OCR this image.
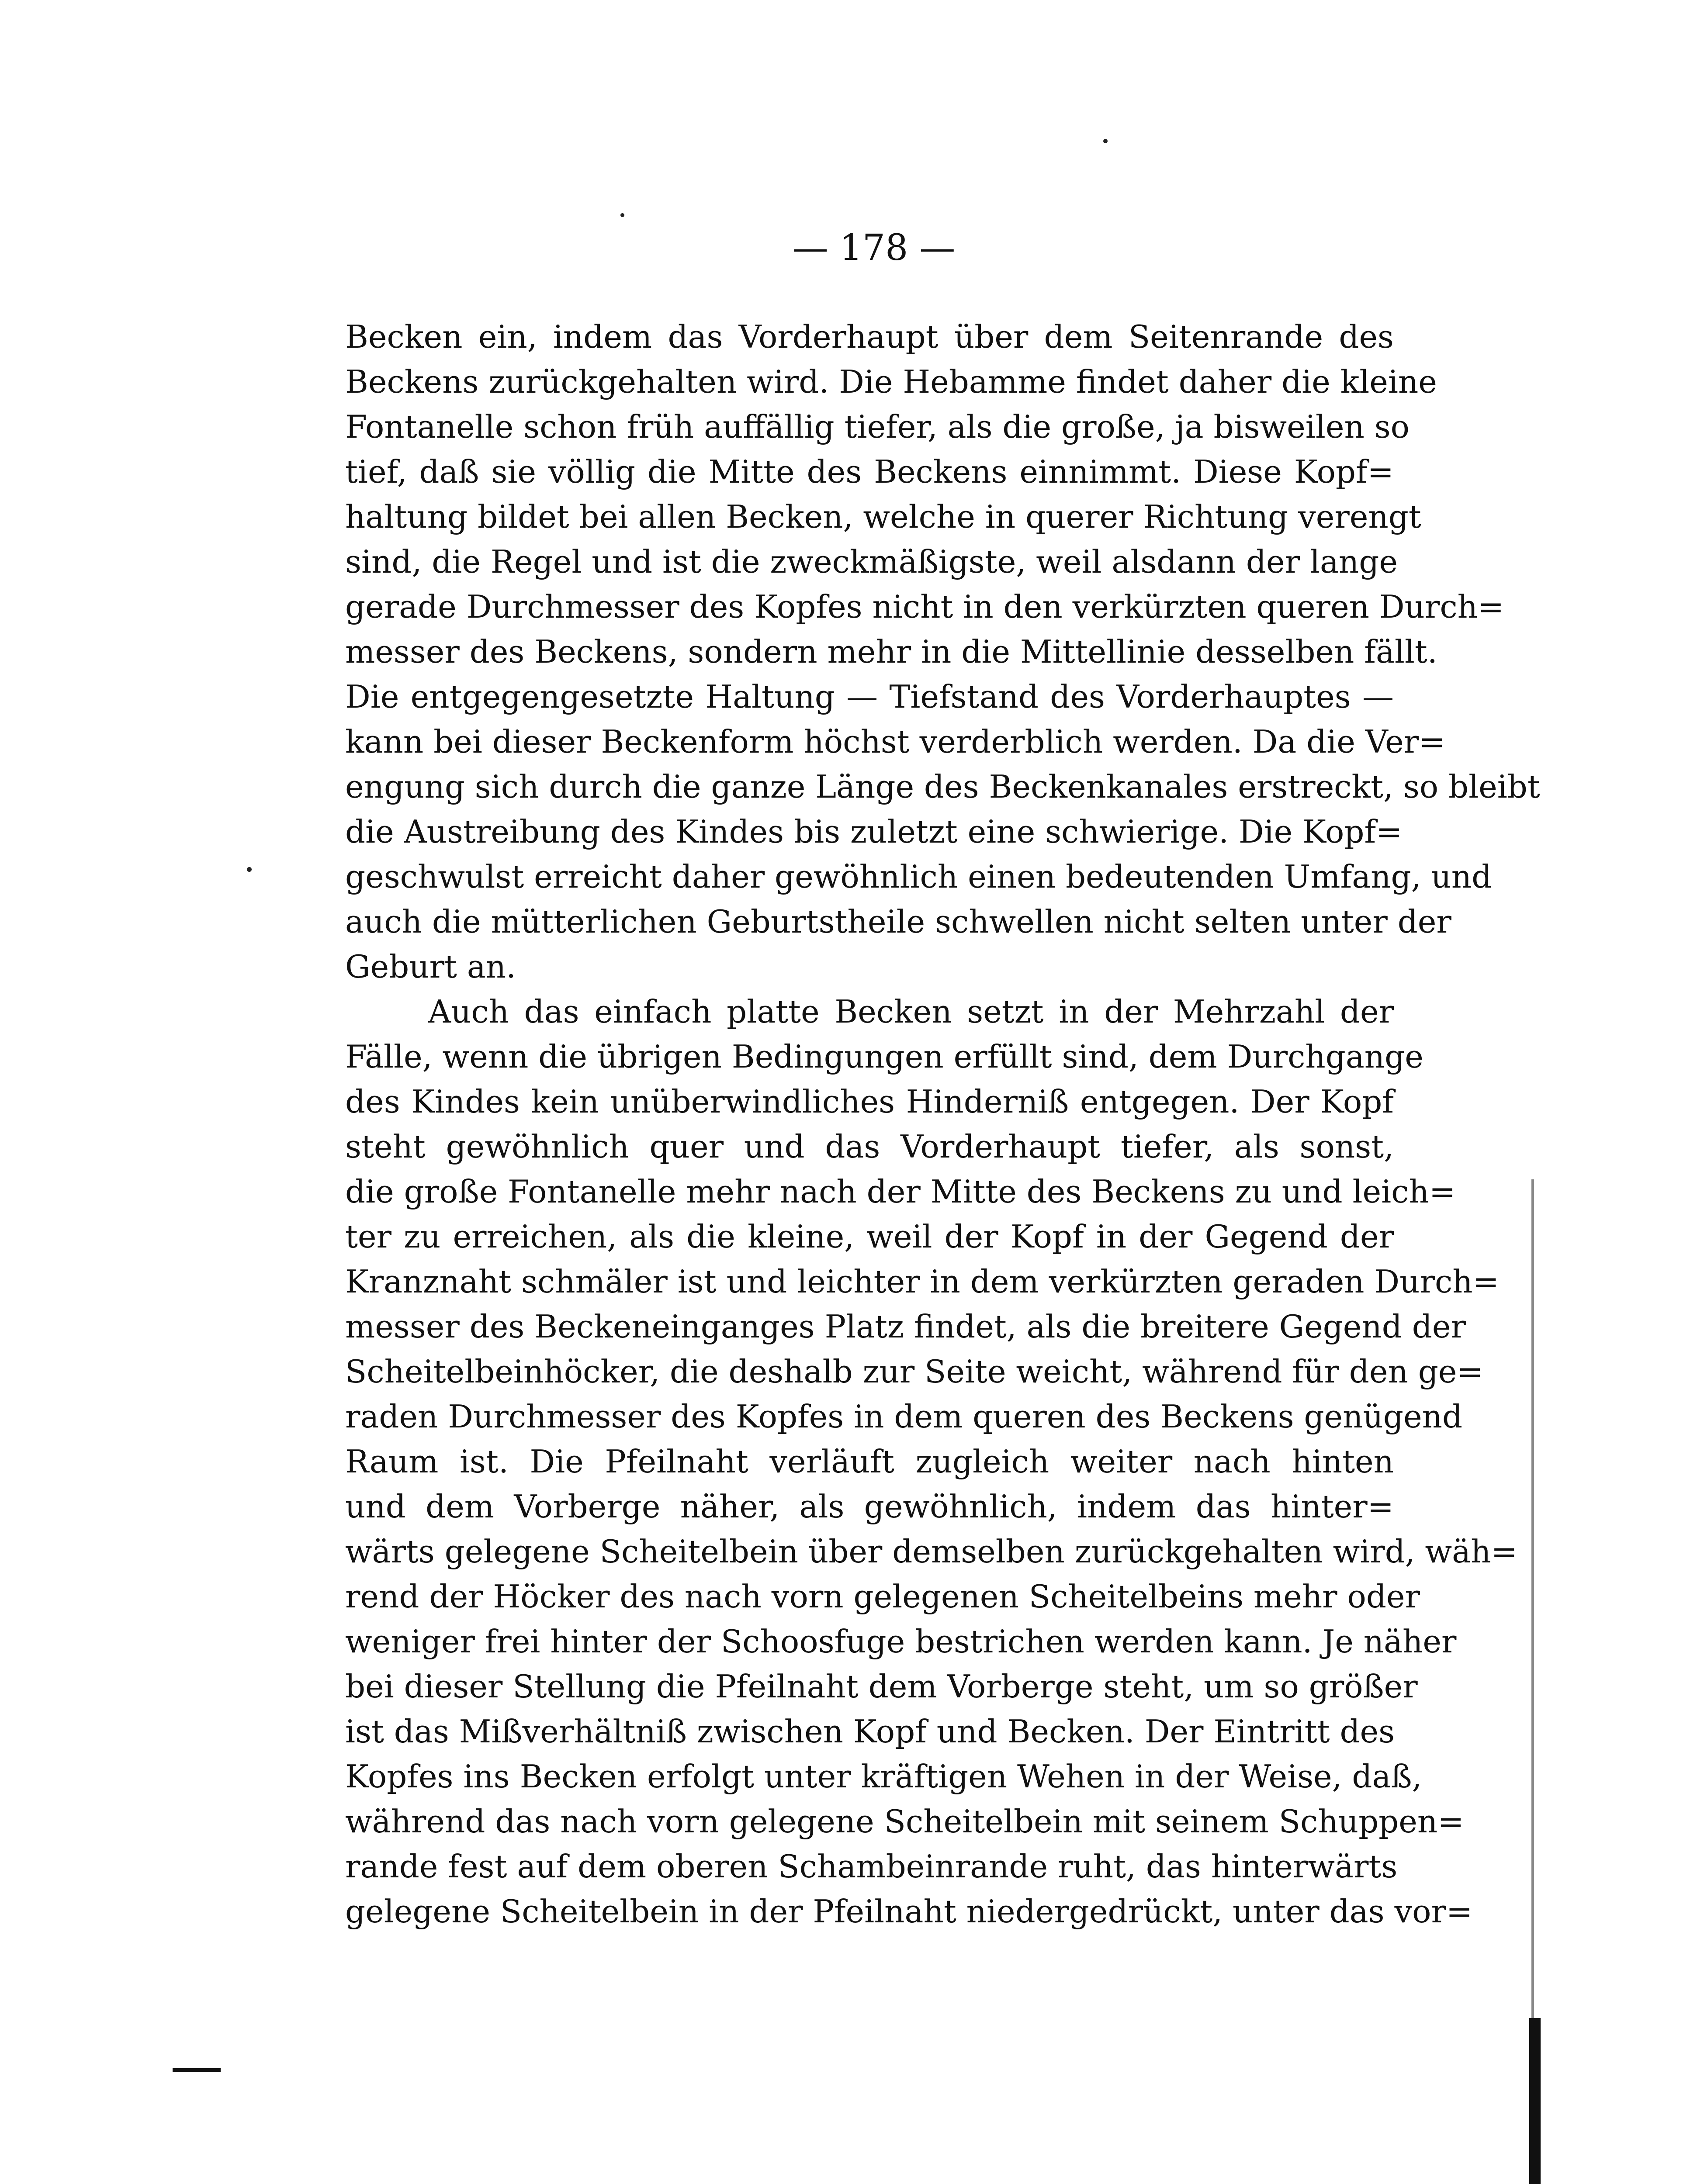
— 178 —
Becken ein, indem das Vorderhaupt über dem Seitenrande des
Beckens zurückgehalten wird. Die Hebamme findet daher die kleine
Fontanelle schon früh auffällig tiefer, als die große, ja bisweilen so
tief, daß sie völlig die Mitte des Beckens einnimmt. Diese Kopf=
haltung bildet bei allen Becken, welche in querer Richtung verengt
sind, die Regel und ist die zweckmäßigste, weil alsdann der lange
gerade Durchmesser des Kopfes nicht in den verkürzten queren Durch=
messer des Beckens, sondern mehr in die Mittellinie desselben fällt.
Die entgegengesetzte Haltung — Tiefstand des Vorderhauptes —
kann bei dieser Beckenform höchst verderblich werden. Da die Ver=
engung sich durch die ganze Länge des Beckenkanales erstreckt, so bleibt
die Austreibung des Kindes bis zuletzt eine schwierige. Die Kopf=
geschwulst erreicht daher gewöhnlich einen bedeutenden Umfang, und
auch die mütterlichen Geburtstheile schwellen nicht selten unter der
Geburt an.
Auch das einfach platte Becken setzt in der Mehrzahl der
Fälle, wenn die übrigen Bedingungen erfüllt sind, dem Durchgange
des Kindes kein unüberwindliches Hinderniß entgegen. Der Kopf
steht gewöhnlich quer und das Vorderhaupt tiefer, als sonst,
die große Fontanelle mehr nach der Mitte des Beckens zu und leich=
ter zu erreichen, als die kleine, weil der Kopf in der Gegend der
Kranznaht schmäler ist und leichter in dem verkürzten geraden Durch=
messer des Beckeneinganges Platz findet, als die breitere Gegend der
Scheitelbeinhöcker, die deshalb zur Seite weicht, während für den ge=
raden Durchmesser des Kopfes in dem queren des Beckens genügend
Raum ist. Die Pfeilnaht verläuft zugleich weiter nach hinten
und dem Vorberge näher, als gewöhnlich, indem das hinter=
wärts gelegene Scheitelbein über demselben zurückgehalten wird, wäh=
rend der Höcker des nach vorn gelegenen Scheitelbeins mehr oder
weniger frei hinter der Schoosfuge bestrichen werden kann. Je näher
bei dieser Stellung die Pfeilnaht dem Vorberge steht, um so größer
ist das Mißverhältniß zwischen Kopf und Becken. Der Eintritt des
Kopfes ins Becken erfolgt unter kräftigen Wehen in der Weise, daß,
während das nach vorn gelegene Scheitelbein mit seinem Schuppen=
rande fest auf dem oberen Schambeinrande ruht, das hinterwärts
gelegene Scheitelbein in der Pfeilnaht niedergedrückt, unter das vor=
